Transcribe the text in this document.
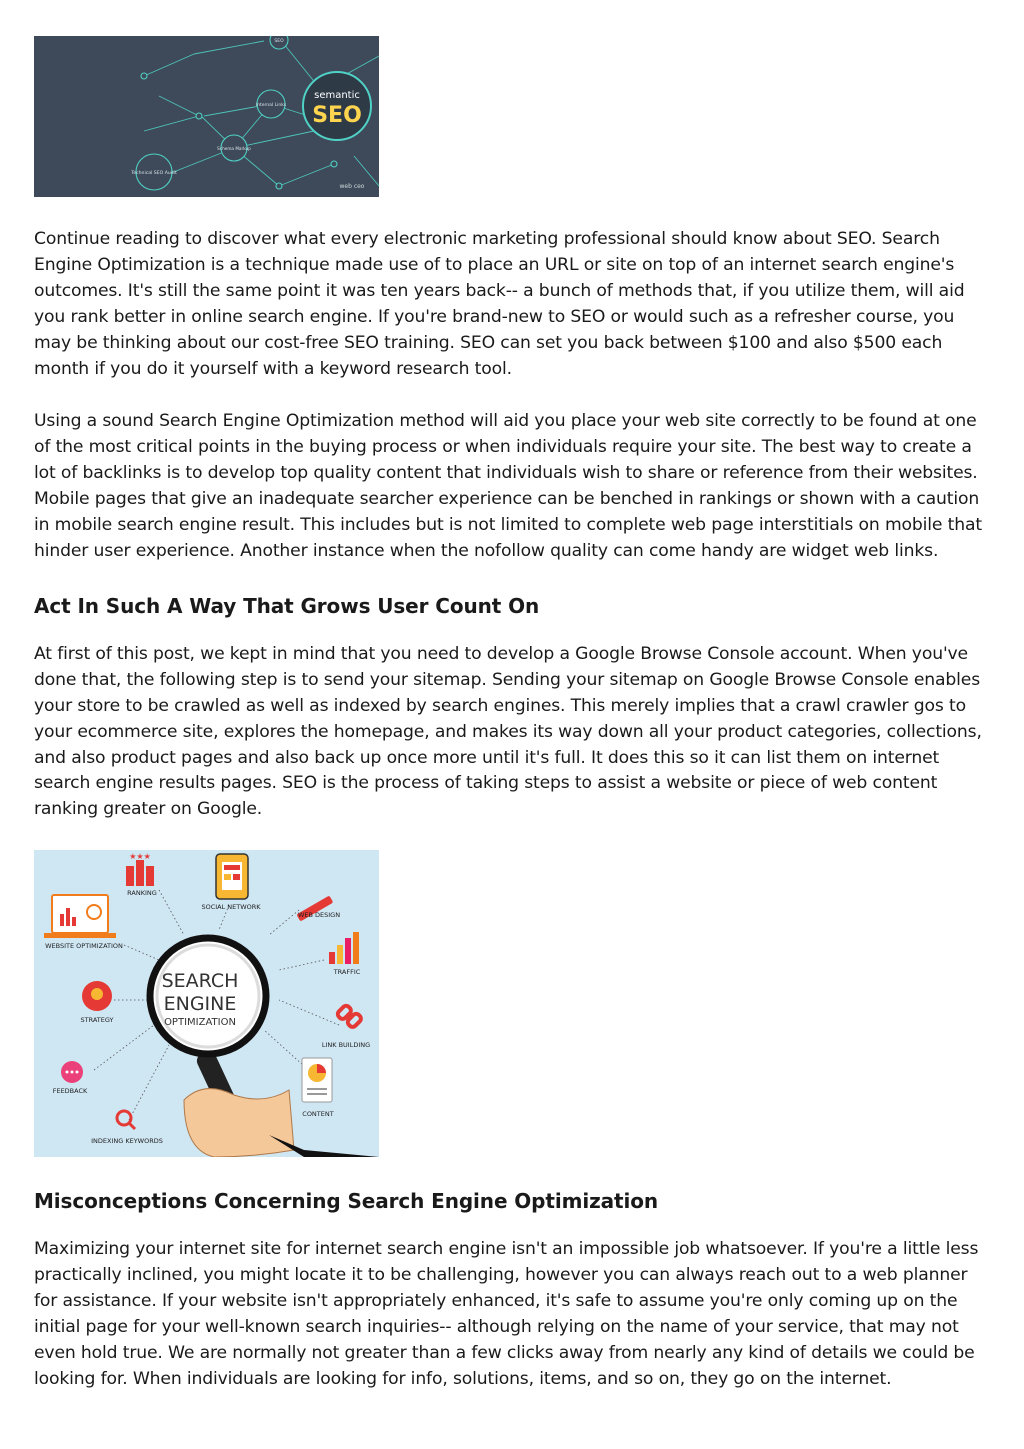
SEO
Internal Links
Schema Markup
Technical SEO Audit
semantic
SEO
web ceo

Continue reading to discover what every electronic marketing professional should know about SEO. Search Engine Optimization is a technique made use of to place an URL or site on top of an internet search engine's outcomes. It's still the same point it was ten years back-- a bunch of methods that, if you utilize them, will aid you rank better in online search engine. If you're brand-new to SEO or would such as a refresher course, you may be thinking about our cost-free SEO training. SEO can set you back between $100 and also $500 each month if you do it yourself with a keyword research tool.

Using a sound Search Engine Optimization method will aid you place your web site correctly to be found at one of the most critical points in the buying process or when individuals require your site. The best way to create a lot of backlinks is to develop top quality content that individuals wish to share or reference from their websites. Mobile pages that give an inadequate searcher experience can be benched in rankings or shown with a caution in mobile search engine result. This includes but is not limited to complete web page interstitials on mobile that hinder user experience. Another instance when the nofollow quality can come handy are widget web links.

Act In Such A Way That Grows User Count On

At first of this post, we kept in mind that you need to develop a Google Browse Console account. When you've done that, the following step is to send your sitemap. Sending your sitemap on Google Browse Console enables your store to be crawled as well as indexed by search engines. This merely implies that a crawl crawler gos to your ecommerce site, explores the homepage, and makes its way down all your product categories, collections, and also product pages and also back up once more until it's full. It does this so it can list them on internet search engine results pages. SEO is the process of taking steps to assist a website or piece of web content ranking greater on Google.

★★★
RANKING
SOCIAL NETWORK
WEB DESIGN
WEBSITE OPTIMIZATION
TRAFFIC
STRATEGY
LINK BUILDING
FEEDBACK
CONTENT
INDEXING KEYWORDS
SEARCH
ENGINE
OPTIMIZATION
Misconceptions Concerning Search Engine Optimization

Maximizing your internet site for internet search engine isn't an impossible job whatsoever. If you're a little less practically inclined, you might locate it to be challenging, however you can always reach out to a web planner for assistance. If your website isn't appropriately enhanced, it's safe to assume you're only coming up on the initial page for your well-known search inquiries-- although relying on the name of your service, that may not even hold true. We are normally not greater than a few clicks away from nearly any kind of details we could be looking for. When individuals are looking for info, solutions, items, and so on, they go on the internet.
